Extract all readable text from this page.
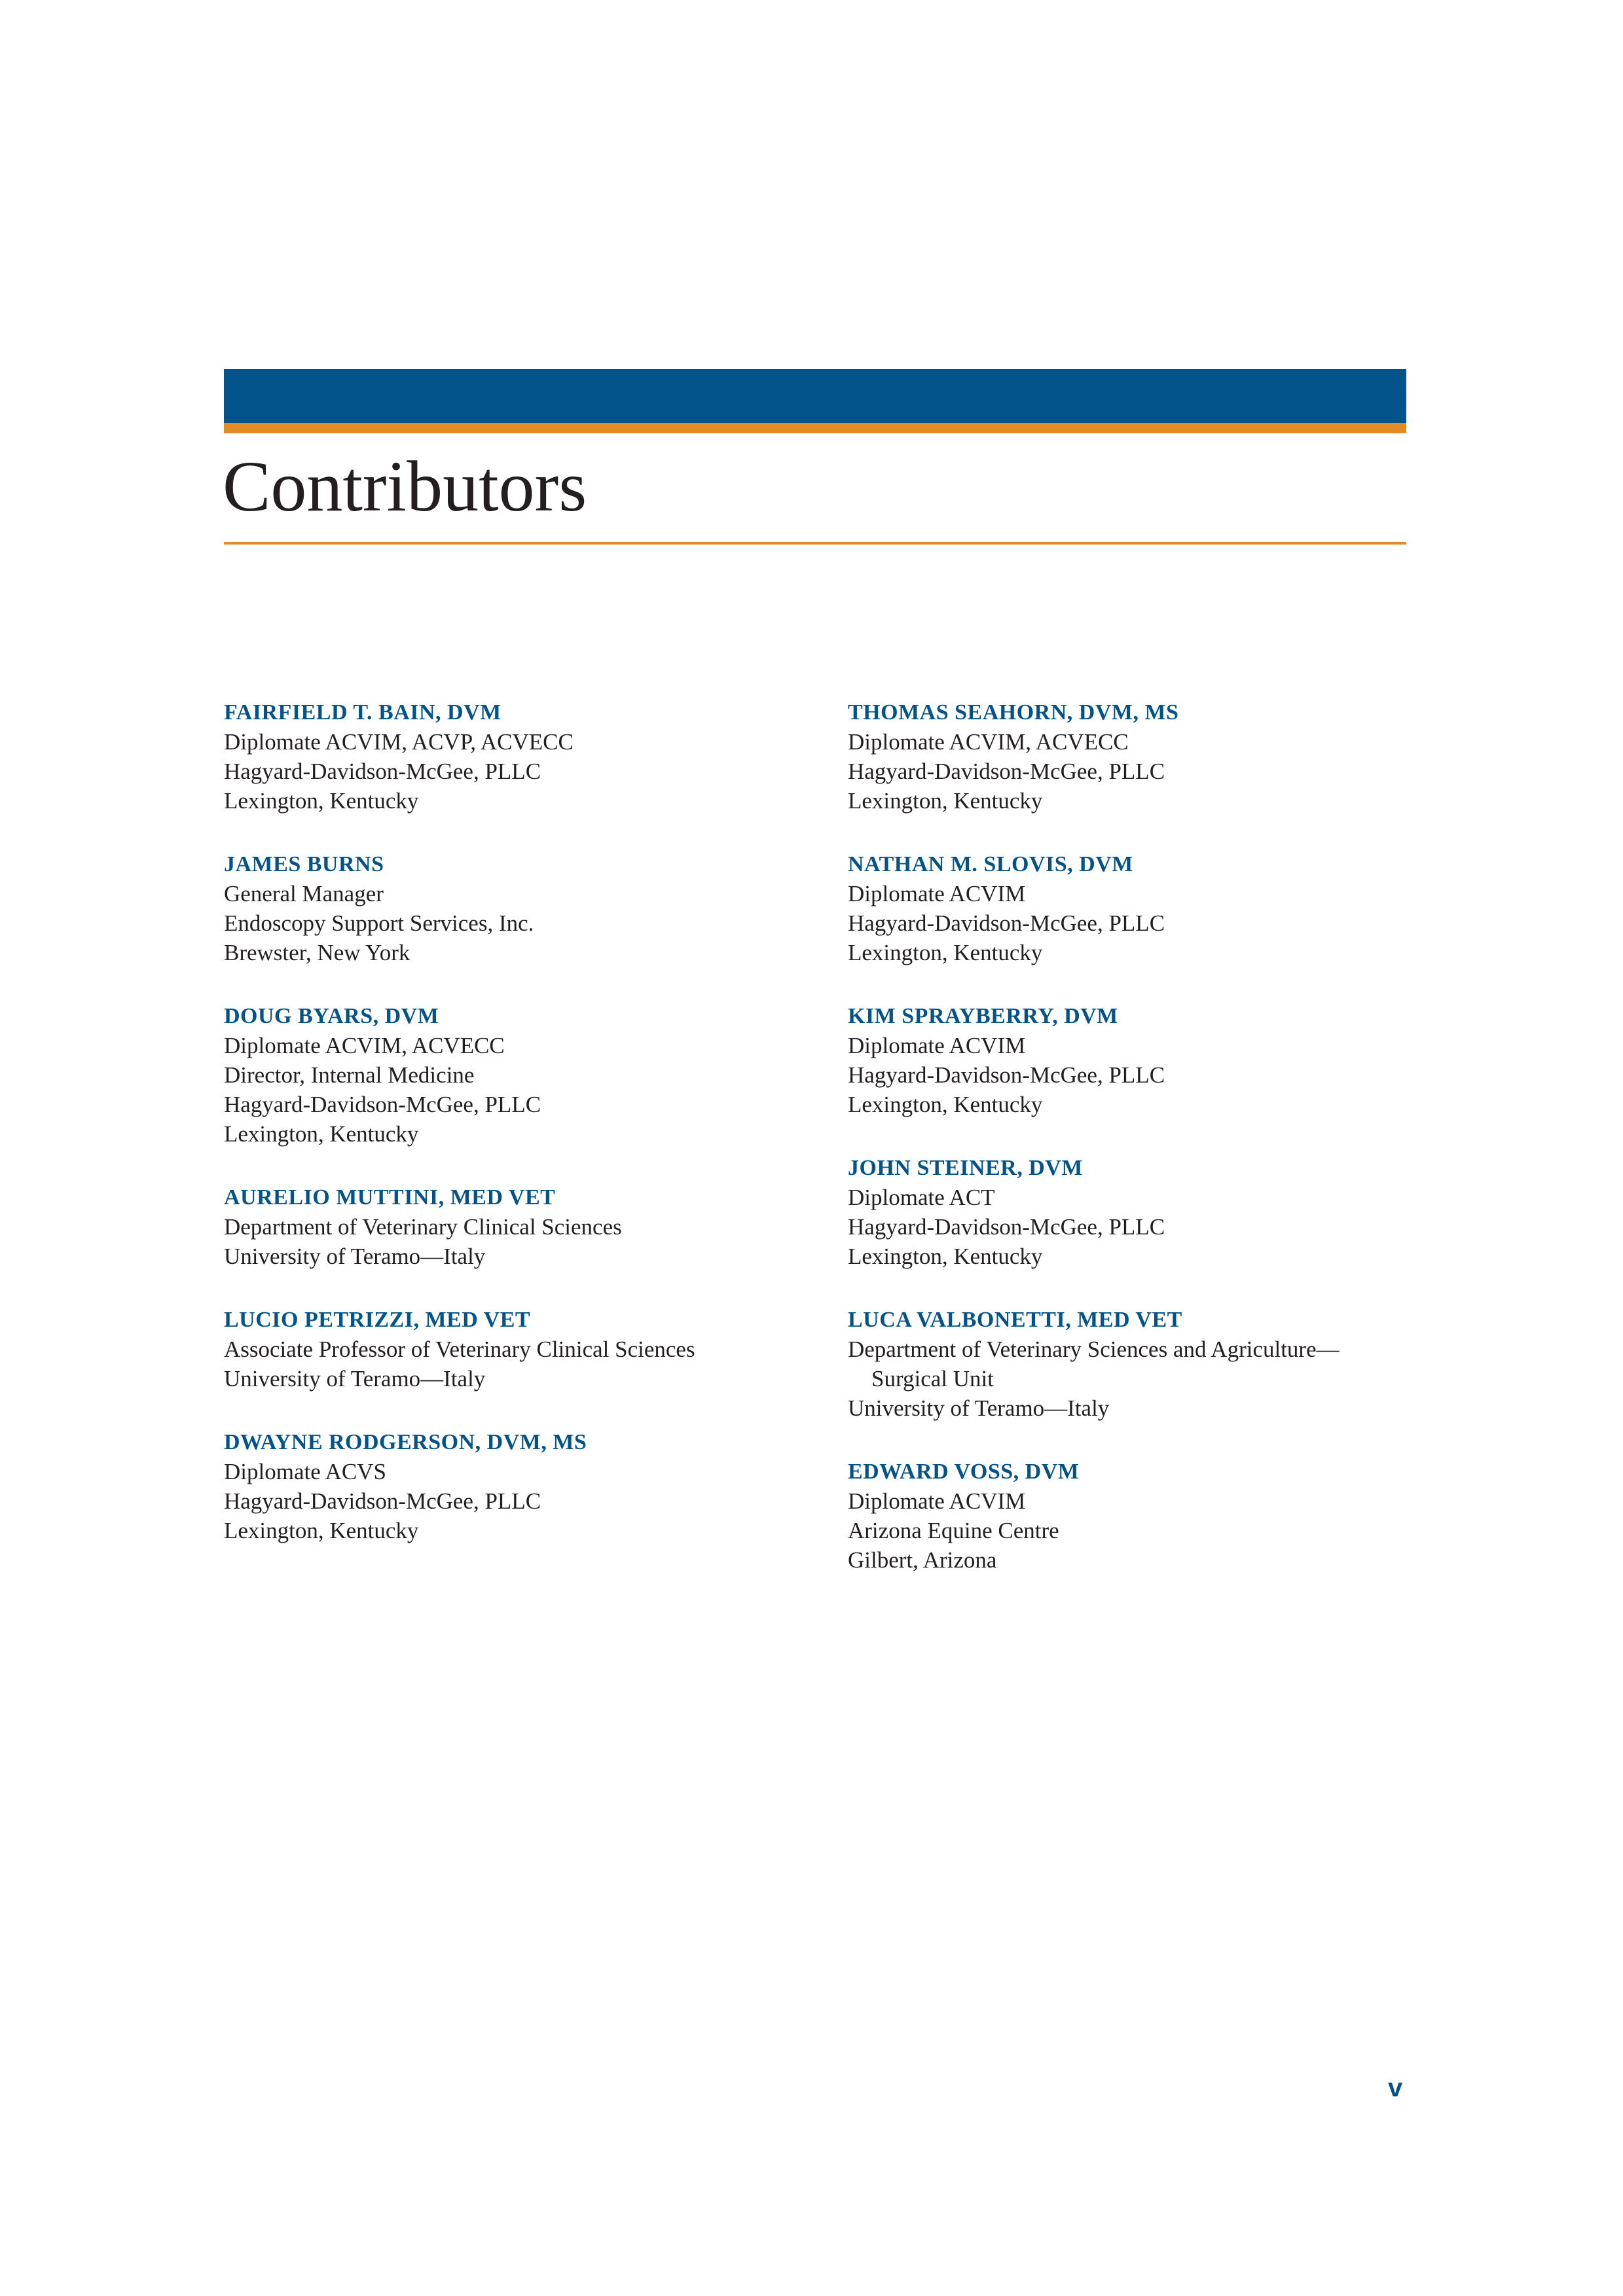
Contributors
FAIRFIELD T. BAIN, DVM
Diplomate ACVIM, ACVP, ACVECC
Hagyard-Davidson-McGee, PLLC
Lexington, Kentucky
JAMES BURNS
General Manager
Endoscopy Support Services, Inc.
Brewster, New York
DOUG BYARS, DVM
Diplomate ACVIM, ACVECC
Director, Internal Medicine
Hagyard-Davidson-McGee, PLLC
Lexington, Kentucky
AURELIO MUTTINI, MED VET
Department of Veterinary Clinical Sciences
University of Teramo—Italy
LUCIO PETRIZZI, MED VET
Associate Professor of Veterinary Clinical Sciences
University of Teramo—Italy
DWAYNE RODGERSON, DVM, MS
Diplomate ACVS
Hagyard-Davidson-McGee, PLLC
Lexington, Kentucky
THOMAS SEAHORN, DVM, MS
Diplomate ACVIM, ACVECC
Hagyard-Davidson-McGee, PLLC
Lexington, Kentucky
NATHAN M. SLOVIS, DVM
Diplomate ACVIM
Hagyard-Davidson-McGee, PLLC
Lexington, Kentucky
KIM SPRAYBERRY, DVM
Diplomate ACVIM
Hagyard-Davidson-McGee, PLLC
Lexington, Kentucky
JOHN STEINER, DVM
Diplomate ACT
Hagyard-Davidson-McGee, PLLC
Lexington, Kentucky
LUCA VALBONETTI, MED VET
Department of Veterinary Sciences and Agriculture—
Surgical Unit
University of Teramo—Italy
EDWARD VOSS, DVM
Diplomate ACVIM
Arizona Equine Centre
Gilbert, Arizona
v
